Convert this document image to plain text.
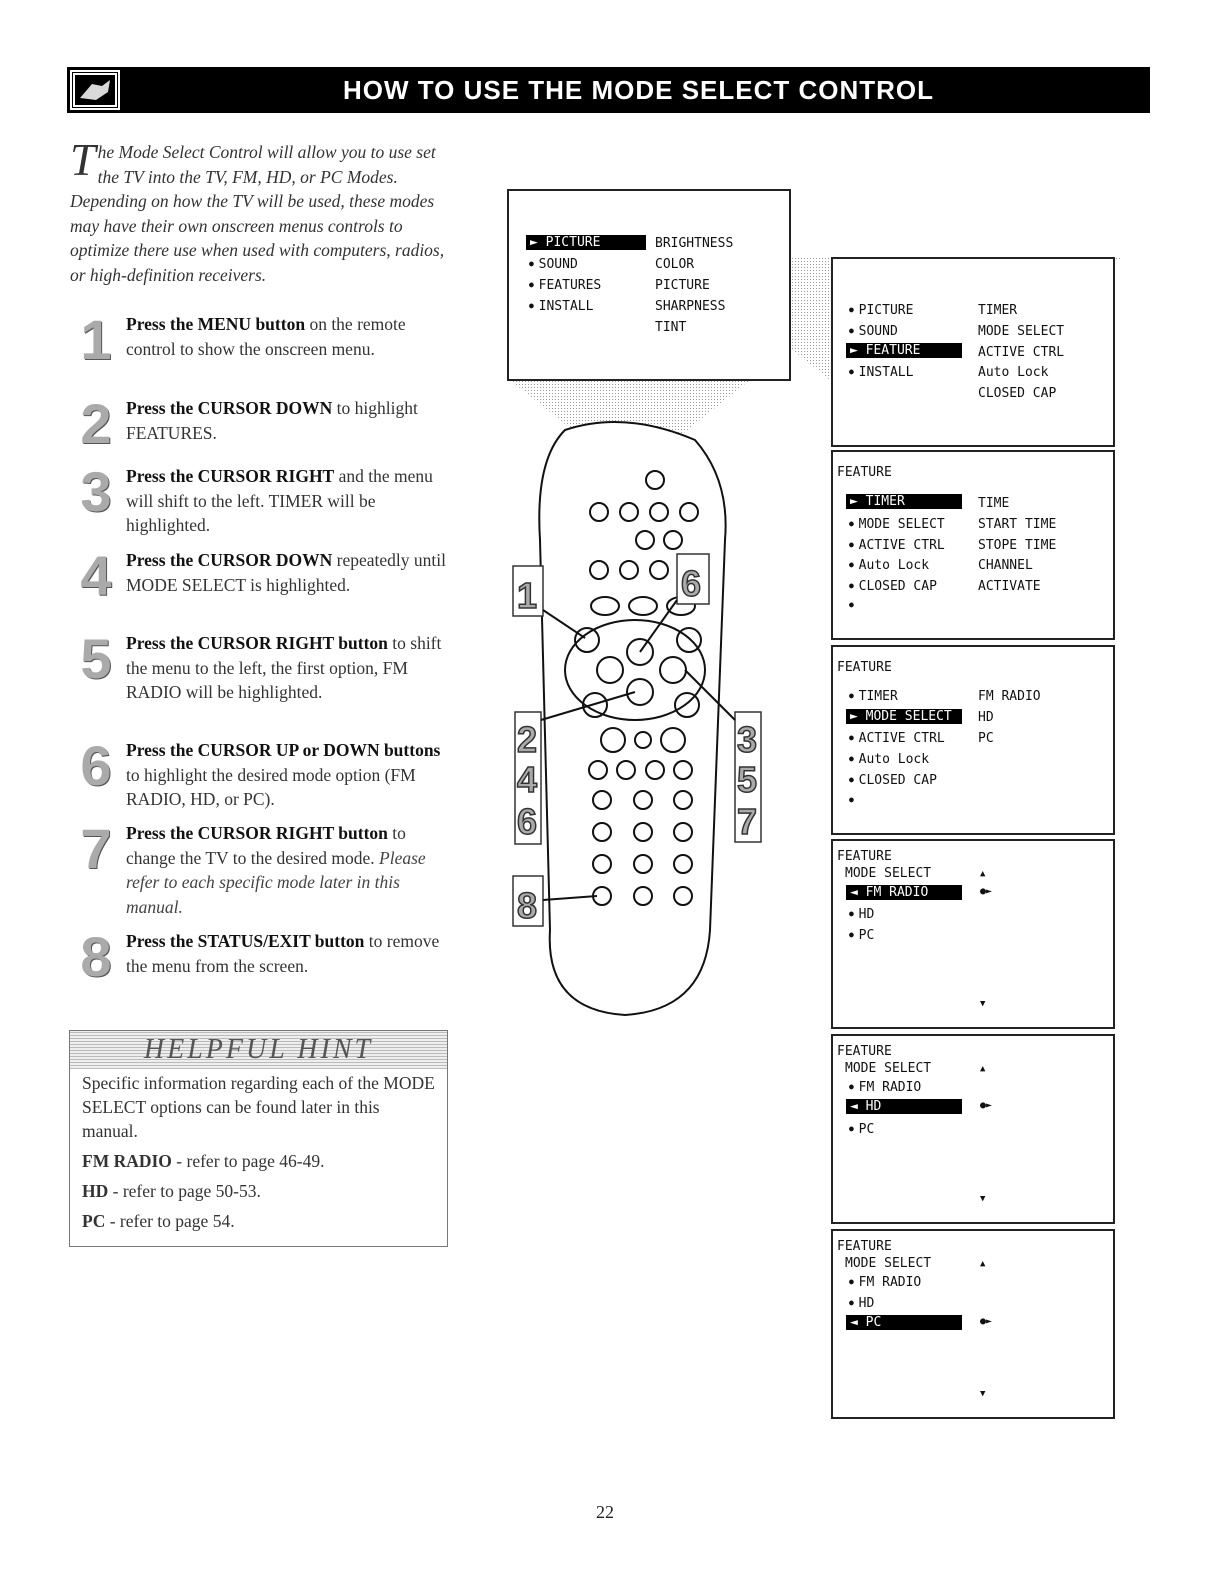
HOW TO USE THE MODE SELECT CONTROL
The Mode Select Control will allow you to use set the TV into the TV, FM, HD, or PC Modes. Depending on how the TV will be used, these modes may have their own onscreen menus controls to optimize there use when used with computers, radios, or high-definition receivers.
1 Press the MENU button on the remote control to show the onscreen menu.
2 Press the CURSOR DOWN to highlight FEATURES.
3 Press the CURSOR RIGHT and the menu will shift to the left. TIMER will be highlighted.
4 Press the CURSOR DOWN repeatedly until MODE SELECT is highlighted.
5 Press the CURSOR RIGHT button to shift the menu to the left, the first option, FM RADIO will be highlighted.
6 Press the CURSOR UP or DOWN buttons to highlight the desired mode option (FM RADIO, HD, or PC).
7 Press the CURSOR RIGHT button to change the TV to the desired mode. Please refer to each specific mode later in this manual.
8 Press the STATUS/EXIT button to remove the menu from the screen.
HELPFUL HINT

Specific information regarding each of the MODE SELECT options can be found later in this manual.

FM RADIO - refer to page 46-49.

HD - refer to page 50-53.

PC - refer to page 54.

► PICTURE
● SOUND
● FEATURES
● INSTALL
BRIGHTNESS
COLOR
PICTURE
SHARPNESS
TINT
● PICTURE
● SOUND
► FEATURE
● INSTALL
TIMER
MODE SELECT
ACTIVE CTRL
Auto Lock
CLOSED CAP
FEATURE
► TIMER
● MODE SELECT
● ACTIVE CTRL
● Auto Lock
● CLOSED CAP
●
TIME
START TIME
STOPE TIME
CHANNEL
ACTIVATE
FEATURE
● TIMER
► MODE SELECT
● ACTIVE CTRL
● Auto Lock
● CLOSED CAP
●
FM RADIO
HD
PC
FEATURE
MODE SELECT	▲
◄ FM RADIO	●►
● HD
● PC
▼
FEATURE
MODE SELECT	▲
● FM RADIO
◄ HD	●►
● PC
▼
FEATURE
MODE SELECT	▲
● FM RADIO
● HD
◄ PC	●►
▼
1
2
4
6
3
5
7
6
8
22
